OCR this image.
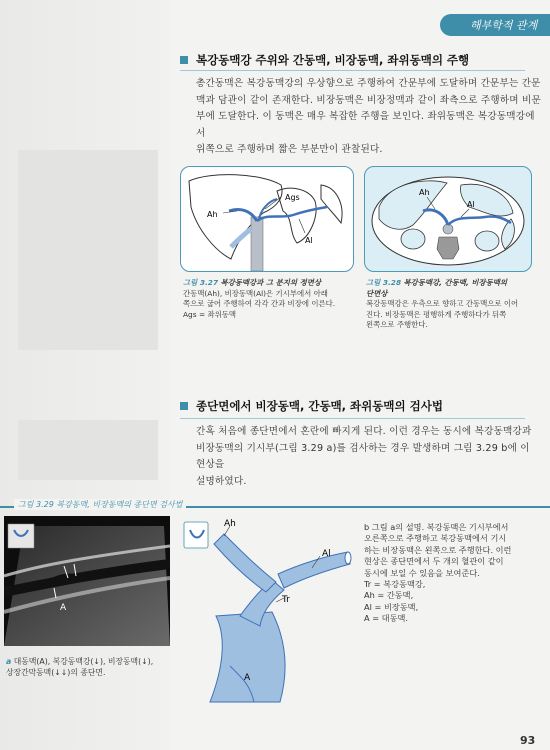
해부학적 관계
복강동맥강 주위와 간동맥, 비장동맥, 좌위동맥의 주행
총간동맥은 복강동맥강의 우상향으로 주행하여 간문부에 도달하며 간문부는 간문
맥과 담관이 같이 존재한다. 비장동맥은 비장정맥과 같이 좌측으로 주행하며 비문
부에 도달한다. 이 동맥은 매우 복잡한 주행을 보인다. 좌위동맥은 복강동맥강에서
위쪽으로 주행하며 짧은 부분만이 관찰된다.
Ags
Ah
Al
그림 3.27 복강동맥강과 그 분지의 정면상
간동맥(Ah), 비장동맥(Al)은 기시부에서 아래
쪽으로 굽어 주행하여 각각 간과 비장에 이른다.
Ags = 좌위동맥
Ah
Al
그림 3.28 복강동맥강, 간동맥, 비장동맥의
단면상
복강동맥강은 우측으로 향하고 간동맥으로 이어
진다. 비장동맥은 평행하게 주행하다가 뒤쪽
왼쪽으로 주행한다.
종단면에서 비장동맥, 간동맥, 좌위동맥의 검사법
간혹 처음에 종단면에서 혼란에 빠지게 된다. 이런 경우는 동시에 복강동맥강과
비장동맥의 기시부(그림 3.29 a)를 검사하는 경우 발생하며 그림 3.29 b에 이 현상을
설명하였다.
그림 3.29 복강동맥, 비장동맥의 종단면 검사법
A
a 대동맥(A), 복강동맥강(↓), 비장동맥(↓),
상장간막동맥(↓↓)의 종단면.
Ah
Al
Tr
A
b 그림 a의 설명. 복강동맥은 기시부에서
오른쪽으로 주행하고 복강동맥에서 기시
하는 비장동맥은 왼쪽으로 주행한다. 이런
현상은 종단면에서 두 개의 혈관이 같이
동시에 보일 수 있음을 보여준다.
Tr = 복강동맥강,
Ah = 간동맥,
Al = 비장동맥,
A = 대동맥.
93
